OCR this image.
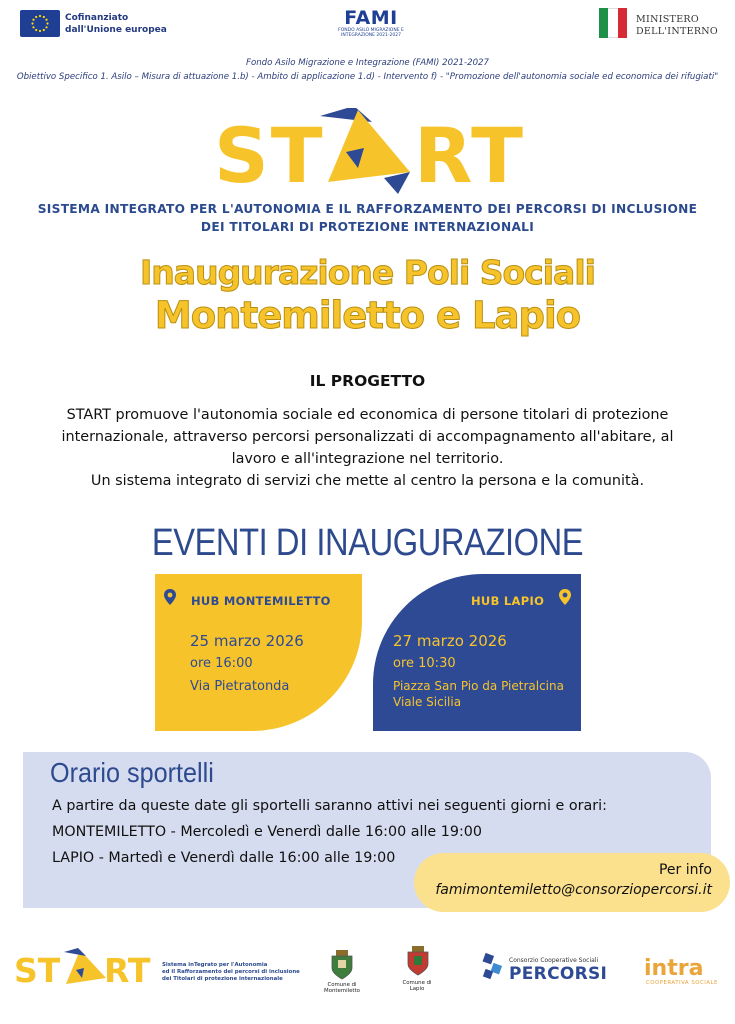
Cofinanziato
dall'Unione europea
FAMI
FONDO ASILO MIGRAZIONE E
INTEGRAZIONE 2021-2027
MINISTERO
DELL'INTERNO
Fondo Asilo Migrazione e Integrazione (FAMI) 2021-2027
Obiettivo Specifico 1. Asilo – Misura di attuazione 1.b) - Ambito di applicazione 1.d) - Intervento f) - "Promozione dell'autonomia sociale ed economica dei rifugiati"
ST RT
SISTEMA INTEGRATO PER L'AUTONOMIA E IL RAFFORZAMENTO DEI PERCORSI DI INCLUSIONE
DEI TITOLARI DI PROTEZIONE INTERNAZIONALI
Inaugurazione Poli Sociali
Montemiletto e Lapio
IL PROGETTO
START promuove l'autonomia sociale ed economica di persone titolari di protezione
internazionale, attraverso percorsi personalizzati di accompagnamento all'abitare, al
lavoro e all'integrazione nel territorio.
Un sistema integrato di servizi che mette al centro la persona e la comunità.
EVENTI DI INAUGURAZIONE
HUB MONTEMILETTO
25 marzo 2026
ore 16:00
Via Pietratonda
HUB LAPIO
27 marzo 2026
ore 10:30
Piazza San Pio da Pietralcina
Viale Sicilia
Orario sportelli
A partire da queste date gli sportelli saranno attivi nei seguenti giorni e orari:
MONTEMILETTO - Mercoledì e Venerdì dalle 16:00 alle 19:00
LAPIO - Martedì e Venerdì dalle 16:00 alle 19:00
Per info
famimontemiletto@consorziopercorsi.it
ST RT Sistema inTegrato per l'Autonomia
ed il Rafforzamento dei percorsi di inclusione
dei Titolari di protezione internazionale
Comune di
Montemiletto
Comune di
Lapio
Consorzio Cooperative Sociali
PERCORSI intra
COOPERATIVA SOCIALE
